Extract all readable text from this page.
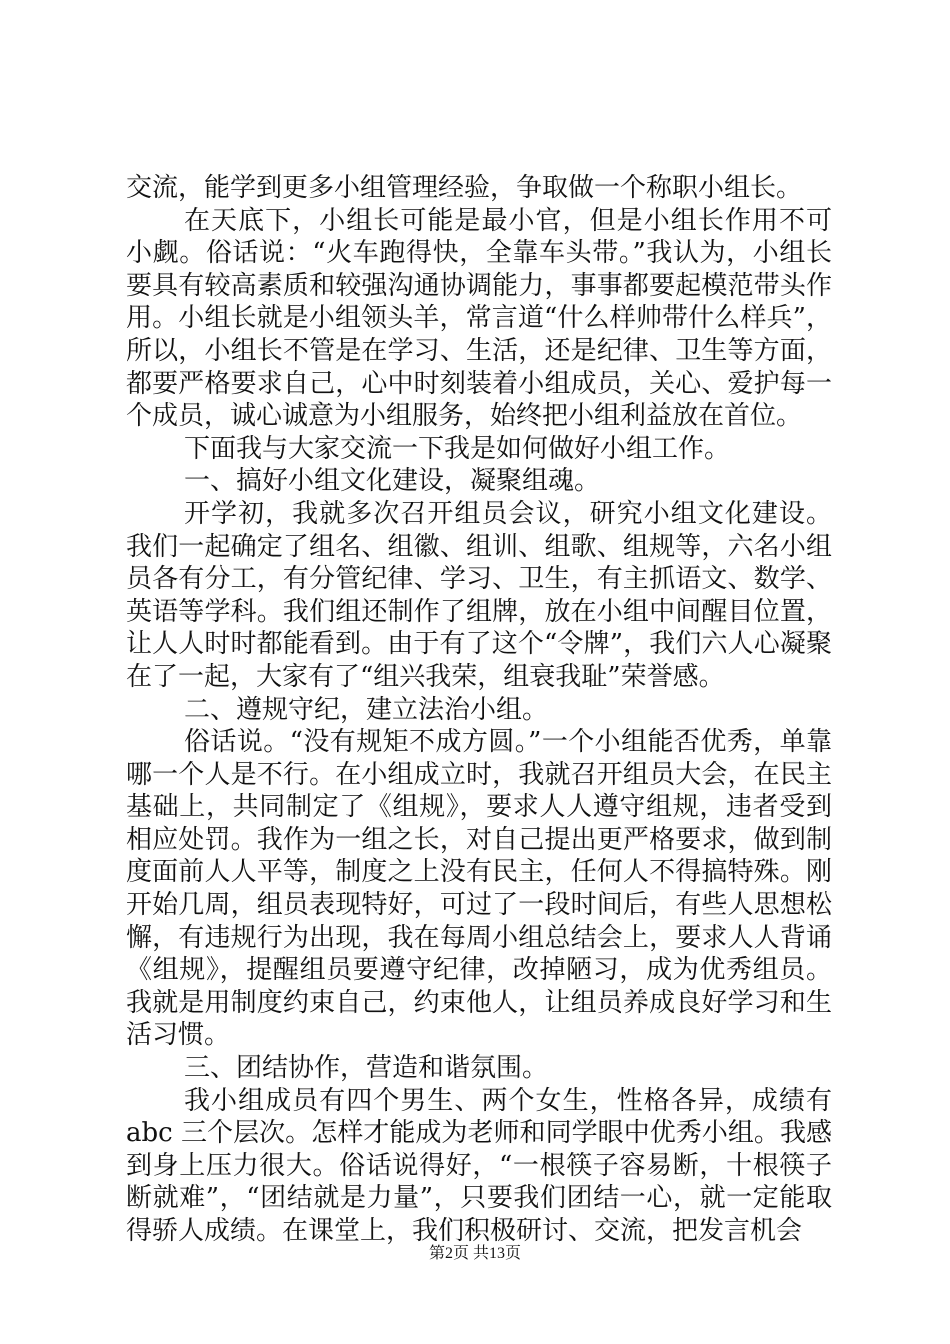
交流，能学到更多小组管理经验，争取做一个称职小组长。

在天底下，小组长可能是最小官，但是小组长作用不可小觑。俗话说：“火车跑得快，全靠车头带。”我认为，小组长要具有较高素质和较强沟通协调能力，事事都要起模范带头作用。小组长就是小组领头羊，常言道“什么样帅带什么样兵”，所以，小组长不管是在学习、生活，还是纪律、卫生等方面，都要严格要求自己，心中时刻装着小组成员，关心、爱护每一个成员，诚心诚意为小组服务，始终把小组利益放在首位。

下面我与大家交流一下我是如何做好小组工作。

一、搞好小组文化建设，凝聚组魂。

开学初，我就多次召开组员会议，研究小组文化建设。我们一起确定了组名、组徽、组训、组歌、组规等，六名小组员各有分工，有分管纪律、学习、卫生，有主抓语文、数学、英语等学科。我们组还制作了组牌，放在小组中间醒目位置，让人人时时都能看到。由于有了这个“令牌”，我们六人心凝聚在了一起，大家有了“组兴我荣，组衰我耻”荣誉感。

二、遵规守纪，建立法治小组。

俗话说。“没有规矩不成方圆。”一个小组能否优秀，单靠哪一个人是不行。在小组成立时，我就召开组员大会，在民主基础上，共同制定了《组规》，要求人人遵守组规，违者受到相应处罚。我作为一组之长，对自己提出更严格要求，做到制度面前人人平等，制度之上没有民主，任何人不得搞特殊。刚开始几周，组员表现特好，可过了一段时间后，有些人思想松懈，有违规行为出现，我在每周小组总结会上，要求人人背诵《组规》，提醒组员要遵守纪律，改掉陋习，成为优秀组员。我就是用制度约束自己，约束他人，让组员养成良好学习和生活习惯。

三、团结协作，营造和谐氛围。

我小组成员有四个男生、两个女生，性格各异，成绩有abc 三个层次。怎样才能成为老师和同学眼中优秀小组。我感到身上压力很大。俗话说得好，“一根筷子容易断，十根筷子断就难”，“团结就是力量”，只要我们团结一心，就一定能取得骄人成绩。在课堂上，我们积极研讨、交流，把发言机会

第2页 共13页
